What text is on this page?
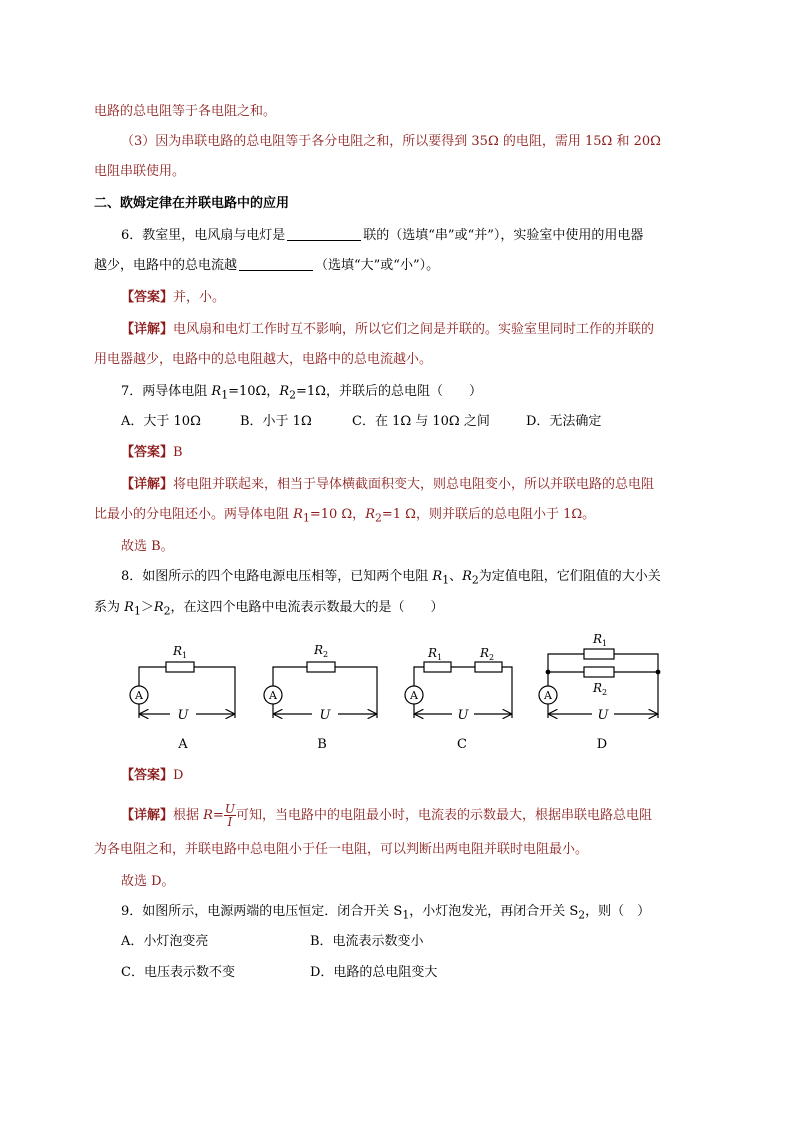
电路的总电阻等于各电阻之和。
（3）因为串联电路的总电阻等于各分电阻之和，所以要得到 35Ω 的电阻，需用 15Ω 和 20Ω
电阻串联使用。
二、欧姆定律在并联电路中的应用
6．教室里，电风扇与电灯是	联的（选填“串”或“并”），实验室中使用的用电器
越少，电路中的总电流越	（选填“大”或“小”）。
【答案】并，小。
【详解】电风扇和电灯工作时互不影响，所以它们之间是并联的。实验室里同时工作的并联的
用电器越少，电路中的总电阻越大，电路中的总电流越小。
7．两导体电阻 $R_1=10\Omega$，$R_2=1\Omega$，并联后的总电阻（　　）
A．大于 10Ω	B．小于 1Ω	C．在 1Ω 与 10Ω 之间	D．无法确定
【答案】B
【详解】将电阻并联起来，相当于导体横截面积变大，则总电阻变小，所以并联电路的总电阻
比最小的分电阻还小。两导体电阻 $R_1=10$ Ω，$R_2=1$ Ω，则并联后的总电阻小于 1Ω。
故选 B。
8．如图所示的四个电路电源电压相等，已知两个电阻 $R_1$、$R_2$为定值电阻，它们阻值的大小关
系为 $R_1>R_2$，在这四个电路中电流表示数最大的是（　　）
A	A	A	A
$R_1$	$R_2$	$R_1$	$R_2$
$R_1$
$R_2$
U	U	U	U
A	B	C	D
【答案】D
【详解】根据 $R= \frac{U}{I}$ 可知，当电路中的电阻最小时，电流表的示数最大，根据串联电路总电阻
为各电阻之和，并联电路中总电阻小于任一电阻，可以判断出两电阻并联时电阻最小。
故选 D。
9．如图所示，电源两端的电压恒定．闭合开关 $S_1$，小灯泡发光，再闭合开关 $S_2$，则（　）
A．小灯泡变亮	B．电流表示数变小
C．电压表示数不变	D．电路的总电阻变大
